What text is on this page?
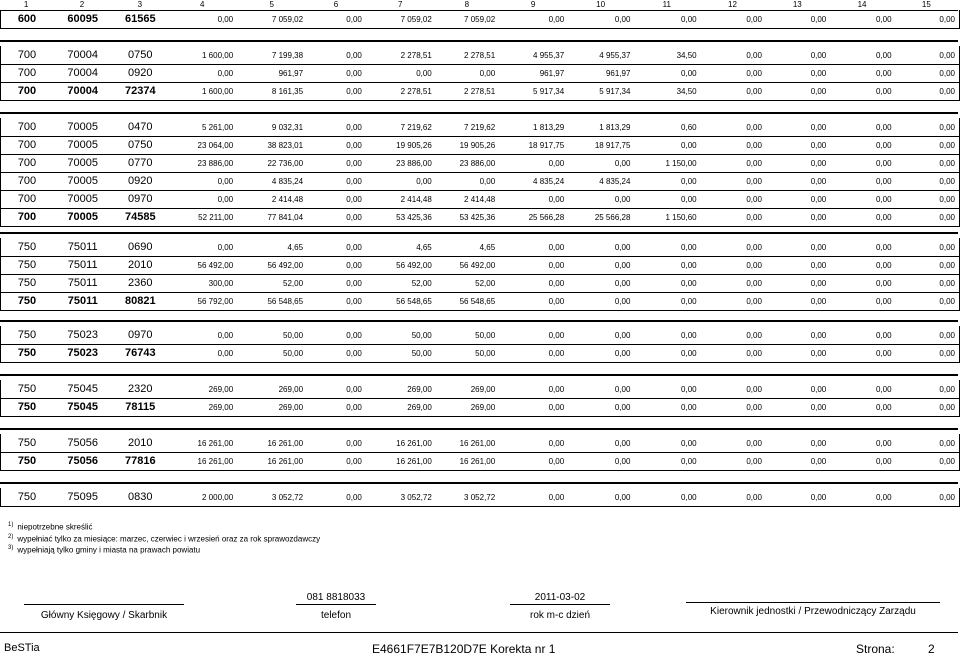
1	2	3	4	5	6	7	8	9	10	11	12	13	14	15
600	60095	61565	0,00	7 059,02	0,00	7 059,02	7 059,02	0,00	0,00	0,00	0,00	0,00	0,00	0,00
700	70004	0750	1 600,00	7 199,38	0,00	2 278,51	2 278,51	4 955,37	4 955,37	34,50	0,00	0,00	0,00	0,00
700	70004	0920	0,00	961,97	0,00	0,00	0,00	961,97	961,97	0,00	0,00	0,00	0,00	0,00
700	70004	72374	1 600,00	8 161,35	0,00	2 278,51	2 278,51	5 917,34	5 917,34	34,50	0,00	0,00	0,00	0,00
700	70005	0470	5 261,00	9 032,31	0,00	7 219,62	7 219,62	1 813,29	1 813,29	0,60	0,00	0,00	0,00	0,00
700	70005	0750	23 064,00	38 823,01	0,00	19 905,26	19 905,26	18 917,75	18 917,75	0,00	0,00	0,00	0,00	0,00
700	70005	0770	23 886,00	22 736,00	0,00	23 886,00	23 886,00	0,00	0,00	1 150,00	0,00	0,00	0,00	0,00
700	70005	0920	0,00	4 835,24	0,00	0,00	0,00	4 835,24	4 835,24	0,00	0,00	0,00	0,00	0,00
700	70005	0970	0,00	2 414,48	0,00	2 414,48	2 414,48	0,00	0,00	0,00	0,00	0,00	0,00	0,00
700	70005	74585	52 211,00	77 841,04	0,00	53 425,36	53 425,36	25 566,28	25 566,28	1 150,60	0,00	0,00	0,00	0,00
750	75011	0690	0,00	4,65	0,00	4,65	4,65	0,00	0,00	0,00	0,00	0,00	0,00	0,00
750	75011	2010	56 492,00	56 492,00	0,00	56 492,00	56 492,00	0,00	0,00	0,00	0,00	0,00	0,00	0,00
750	75011	2360	300,00	52,00	0,00	52,00	52,00	0,00	0,00	0,00	0,00	0,00	0,00	0,00
750	75011	80821	56 792,00	56 548,65	0,00	56 548,65	56 548,65	0,00	0,00	0,00	0,00	0,00	0,00	0,00
750	75023	0970	0,00	50,00	0,00	50,00	50,00	0,00	0,00	0,00	0,00	0,00	0,00	0,00
750	75023	76743	0,00	50,00	0,00	50,00	50,00	0,00	0,00	0,00	0,00	0,00	0,00	0,00
750	75045	2320	269,00	269,00	0,00	269,00	269,00	0,00	0,00	0,00	0,00	0,00	0,00	0,00
750	75045	78115	269,00	269,00	0,00	269,00	269,00	0,00	0,00	0,00	0,00	0,00	0,00	0,00
750	75056	2010	16 261,00	16 261,00	0,00	16 261,00	16 261,00	0,00	0,00	0,00	0,00	0,00	0,00	0,00
750	75056	77816	16 261,00	16 261,00	0,00	16 261,00	16 261,00	0,00	0,00	0,00	0,00	0,00	0,00	0,00
750	75095	0830	2 000,00	3 052,72	0,00	3 052,72	3 052,72	0,00	0,00	0,00	0,00	0,00	0,00	0,00
$^{1)}$ niepotrzebne skreślić
$^{2)}$ wypełniać tylko za miesiące: marzec, czerwiec i wrzesień oraz za rok sprawozdawczy
$^{3)}$ wypełniają tylko gminy i miasta na prawach powiatu
Główny Księgowy / Skarbnik
081 8818033
telefon
2011-03-02
rok m-c dzień	Kierownik jednostki / Przewodniczący Zarządu
BeSTia	E4661F7E7B120D7E Korekta nr 1	Strona:	2
